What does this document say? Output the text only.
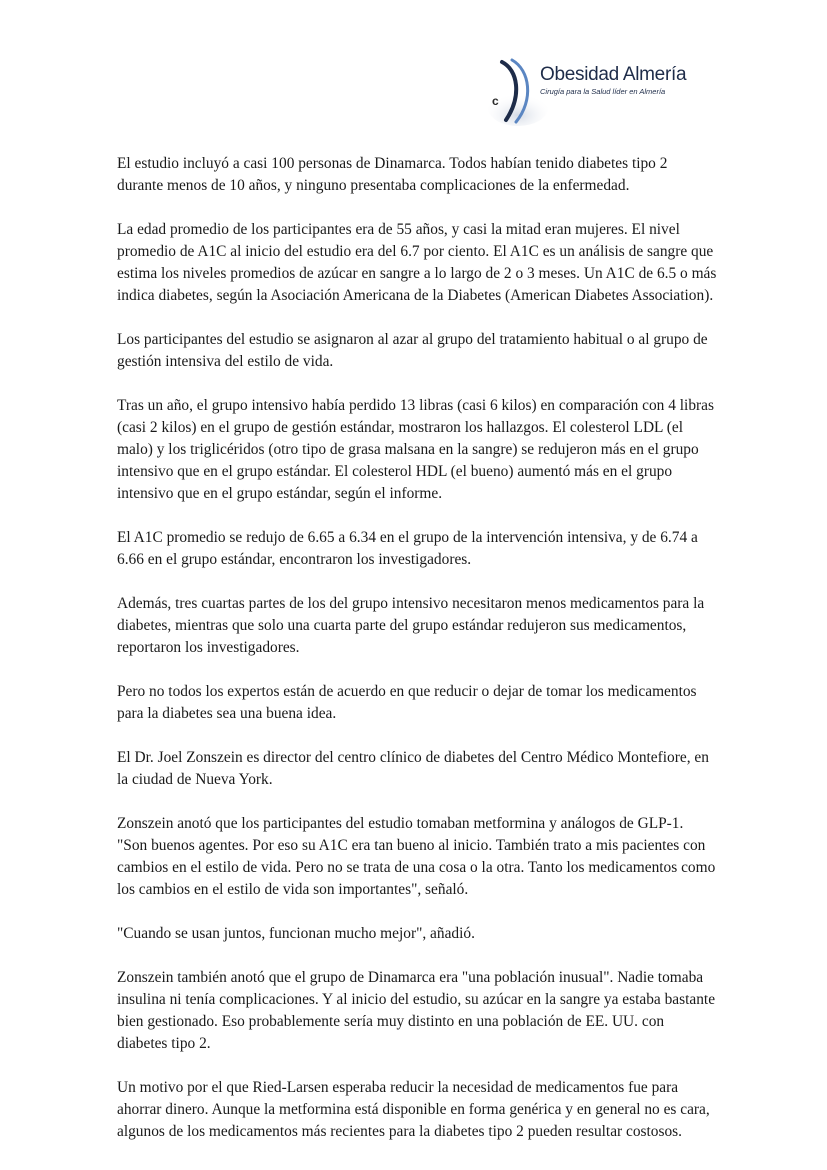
c
Obesidad Almería
Cirugía para la Salud líder en Almería

El estudio incluyó a casi 100 personas de Dinamarca. Todos habían tenido diabetes tipo 2 durante menos de 10 años, y ninguno presentaba complicaciones de la enfermedad.

La edad promedio de los participantes era de 55 años, y casi la mitad eran mujeres. El nivel promedio de A1C al inicio del estudio era del 6.7 por ciento. El A1C es un análisis de sangre que estima los niveles promedios de azúcar en sangre a lo largo de 2 o 3 meses. Un A1C de 6.5 o más indica diabetes, según la Asociación Americana de la Diabetes (American Diabetes Association).

Los participantes del estudio se asignaron al azar al grupo del tratamiento habitual o al grupo de gestión intensiva del estilo de vida.

Tras un año, el grupo intensivo había perdido 13 libras (casi 6 kilos) en comparación con 4 libras (casi 2 kilos) en el grupo de gestión estándar, mostraron los hallazgos. El colesterol LDL (el malo) y los triglicéridos (otro tipo de grasa malsana en la sangre) se redujeron más en el grupo intensivo que en el grupo estándar. El colesterol HDL (el bueno) aumentó más en el grupo intensivo que en el grupo estándar, según el informe.

El A1C promedio se redujo de 6.65 a 6.34 en el grupo de la intervención intensiva, y de 6.74 a 6.66 en el grupo estándar, encontraron los investigadores.

Además, tres cuartas partes de los del grupo intensivo necesitaron menos medicamentos para la diabetes, mientras que solo una cuarta parte del grupo estándar redujeron sus medicamentos, reportaron los investigadores.

Pero no todos los expertos están de acuerdo en que reducir o dejar de tomar los medicamentos para la diabetes sea una buena idea.

El Dr. Joel Zonszein es director del centro clínico de diabetes del Centro Médico Montefiore, en la ciudad de Nueva York.

Zonszein anotó que los participantes del estudio tomaban metformina y análogos de GLP-1. "Son buenos agentes. Por eso su A1C era tan bueno al inicio. También trato a mis pacientes con cambios en el estilo de vida. Pero no se trata de una cosa o la otra. Tanto los medicamentos como los cambios en el estilo de vida son importantes", señaló.

"Cuando se usan juntos, funcionan mucho mejor", añadió.

Zonszein también anotó que el grupo de Dinamarca era "una población inusual". Nadie tomaba insulina ni tenía complicaciones. Y al inicio del estudio, su azúcar en la sangre ya estaba bastante bien gestionado. Eso probablemente sería muy distinto en una población de EE. UU. con diabetes tipo 2.

Un motivo por el que Ried-Larsen esperaba reducir la necesidad de medicamentos fue para ahorrar dinero. Aunque la metformina está disponible en forma genérica y en general no es cara, algunos de los medicamentos más recientes para la diabetes tipo 2 pueden resultar costosos.
